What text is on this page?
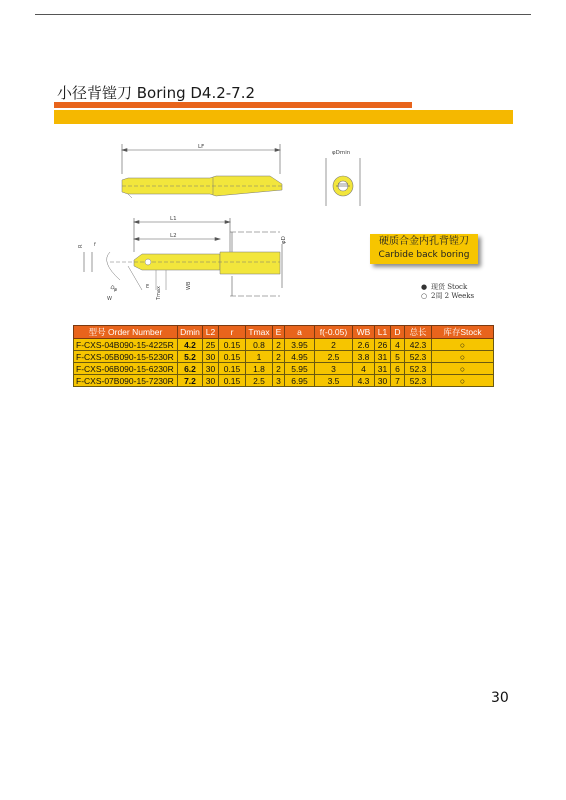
小径背镗刀 Boring D4.2-7.2
LF
φDmin
L1
L2
φD
R f
Dφ
W	Tmax
WB
E
硬质合金内孔背镗刀
Carbide back boring
● 现货 Stock
○ 2周 2 Weeks
型号 Order Number	Dmin	L2	r	Tmax	E	a	f(-0.05)	WB	L1	D	总长	库存Stock
F-CXS-04B090-15-4225R	4.2	25	0.15	0.8	2	3.95	2	2.6	26	4	42.3	○
F-CXS-05B090-15-5230R	5.2	30	0.15	1	2	4.95	2.5	3.8	31	5	52.3	○
F-CXS-06B090-15-6230R	6.2	30	0.15	1.8	2	5.95	3	4	31	6	52.3	○
F-CXS-07B090-15-7230R	7.2	30	0.15	2.5	3	6.95	3.5	4.3	30	7	52.3	○
30
